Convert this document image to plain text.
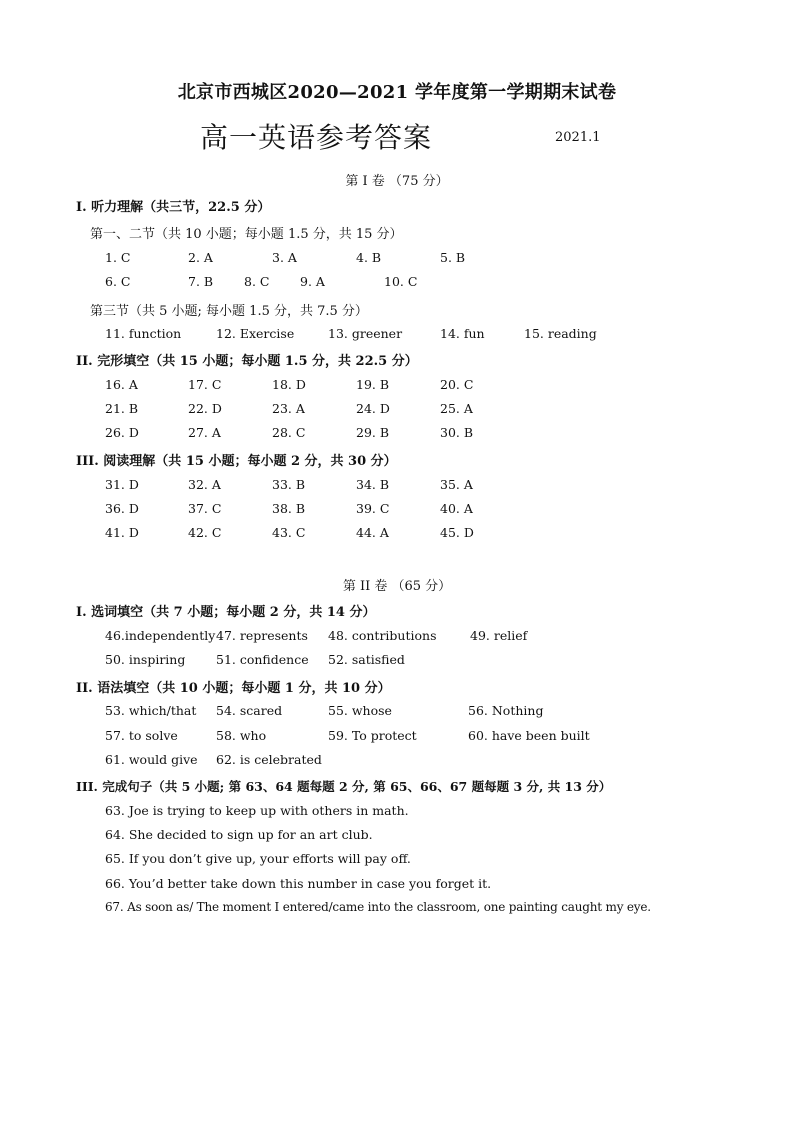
北京市西城区2020—2021 学年度第一学期期末试卷
高一英语参考答案	2021.1
第 I 卷 （75 分）
I. 听力理解（共三节，22.5 分）
第一、二节（共 10 小题；每小题 1.5 分，共 15 分）
1. C	2. A	3. A	4. B	5. B
6. C	7. B 8. C 9. A	10. C
第三节（共 5 小题; 每小题 1.5 分，共 7.5 分）
11. function	12. Exercise	13. greener	14. fun	15. reading
II. 完形填空（共 15 小题；每小题 1.5 分，共 22.5 分）
16. A	17. C	18. D	19. B	20. C
21. B	22. D	23. A	24. D	25. A
26. D	27. A	28. C	29. B	30. B
III. 阅读理解（共 15 小题；每小题 2 分，共 30 分）
31. D	32. A	33. B	34. B	35. A
36. D	37. C	38. B	39. C	40. A
41. D	42. C	43. C	44. A	45. D
第 II 卷 （65 分）
I. 选词填空（共 7 小题；每小题 2 分，共 14 分）
46.independently 47. represents 48. contributions	49. relief
50. inspiring 51. confidence 52. satisfied
II. 语法填空（共 10 小题；每小题 1 分，共 10 分）
53. which/that 54. scared	55. whose	56. Nothing
57. to solve	58. who	59. To protect	60. have been built
61. would give 62. is celebrated
III. 完成句子（共 5 小题; 第 63、64 题每题 2 分, 第 65、66、67 题每题 3 分, 共 13 分）
63. Joe is trying to keep up with others in math.
64. She decided to sign up for an art club.
65. If you don’t give up, your efforts will pay off.
66. You’d better take down this number in case you forget it.
67. As soon as/ The moment I entered/came into the classroom, one painting caught my eye.
